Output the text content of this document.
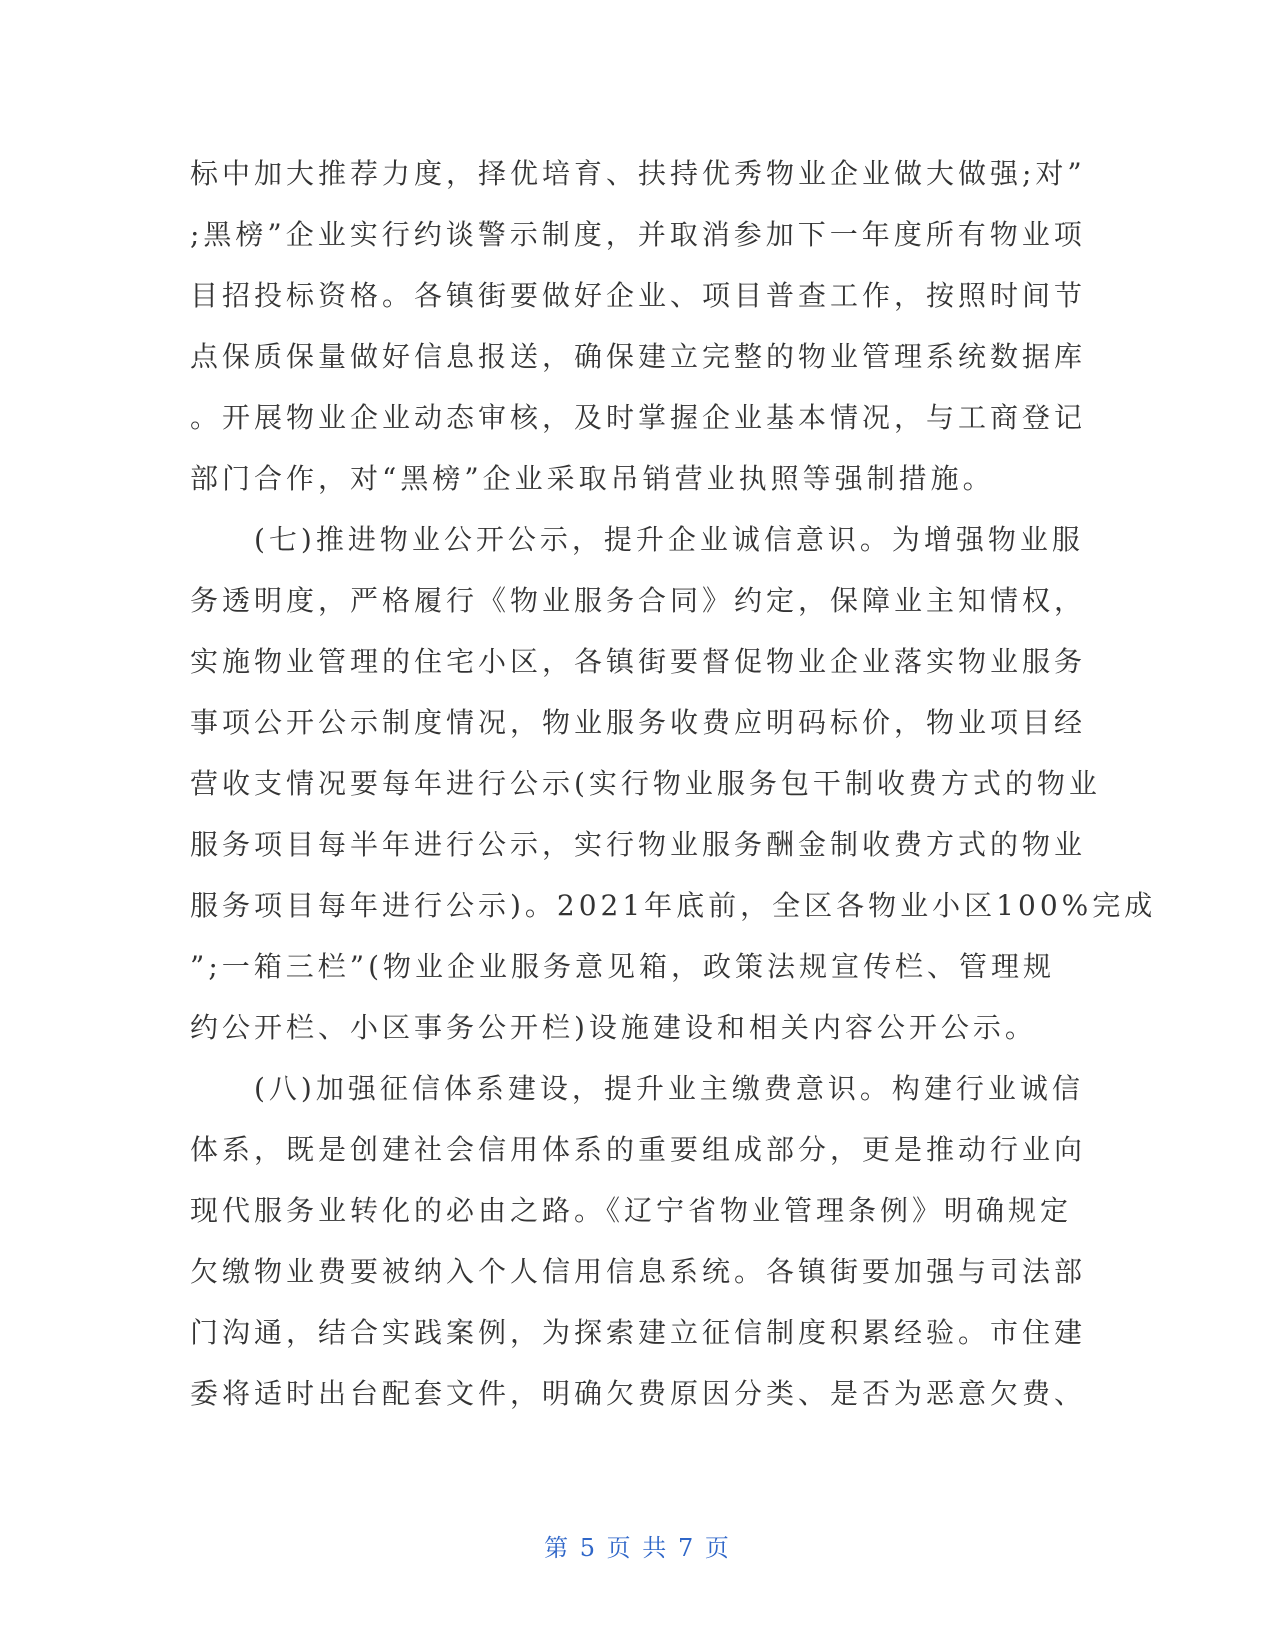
标中加大推荐力度，择优培育、扶持优秀物业企业做大做强;对”
;黑榜”企业实行约谈警示制度，并取消参加下一年度所有物业项
目招投标资格。各镇街要做好企业、项目普查工作，按照时间节
点保质保量做好信息报送，确保建立完整的物业管理系统数据库
。开展物业企业动态审核，及时掌握企业基本情况，与工商登记
部门合作，对“黑榜”企业采取吊销营业执照等强制措施。
　　(七)推进物业公开公示，提升企业诚信意识。为增强物业服
务透明度，严格履行《物业服务合同》约定，保障业主知情权，
实施物业管理的住宅小区，各镇街要督促物业企业落实物业服务
事项公开公示制度情况，物业服务收费应明码标价，物业项目经
营收支情况要每年进行公示(实行物业服务包干制收费方式的物业
服务项目每半年进行公示，实行物业服务酬金制收费方式的物业
服务项目每年进行公示)。2021年底前，全区各物业小区100%完成
”;一箱三栏”(物业企业服务意见箱，政策法规宣传栏、管理规
约公开栏、小区事务公开栏)设施建设和相关内容公开公示。
　　(八)加强征信体系建设，提升业主缴费意识。构建行业诚信
体系，既是创建社会信用体系的重要组成部分，更是推动行业向
现代服务业转化的必由之路。《辽宁省物业管理条例》明确规定
欠缴物业费要被纳入个人信用信息系统。各镇街要加强与司法部
门沟通，结合实践案例，为探索建立征信制度积累经验。市住建
委将适时出台配套文件，明确欠费原因分类、是否为恶意欠费、
第 5 页 共 7 页
